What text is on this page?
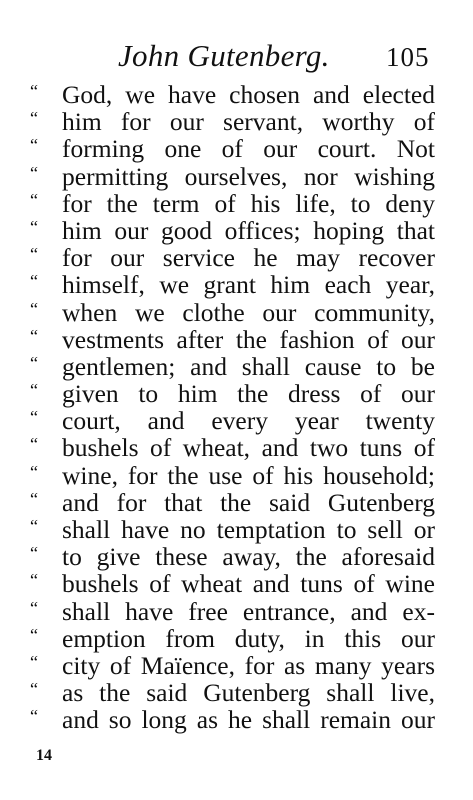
John Gutenberg. 105
“ God, we have chosen and elected
“ him for our servant, worthy of
“ forming one of our court. Not
“ permitting ourselves, nor wishing
“ for the term of his life, to deny
“ him our good offices; hoping that
“ for our service he may recover
“ himself, we grant him each year,
“ when we clothe our community,
“ vestments after the fashion of our
“ gentlemen; and shall cause to be
“ given to him the dress of our
“ court, and every year twenty
“ bushels of wheat, and two tuns of
“ wine, for the use of his household;
“ and for that the said Gutenberg
“ shall have no temptation to sell or
“ to give these away, the aforesaid
“ bushels of wheat and tuns of wine
“ shall have free entrance, and ex-
“ emption from duty, in this our
“ city of Maïence, for as many years
“ as the said Gutenberg shall live,
“ and so long as he shall remain our
14
